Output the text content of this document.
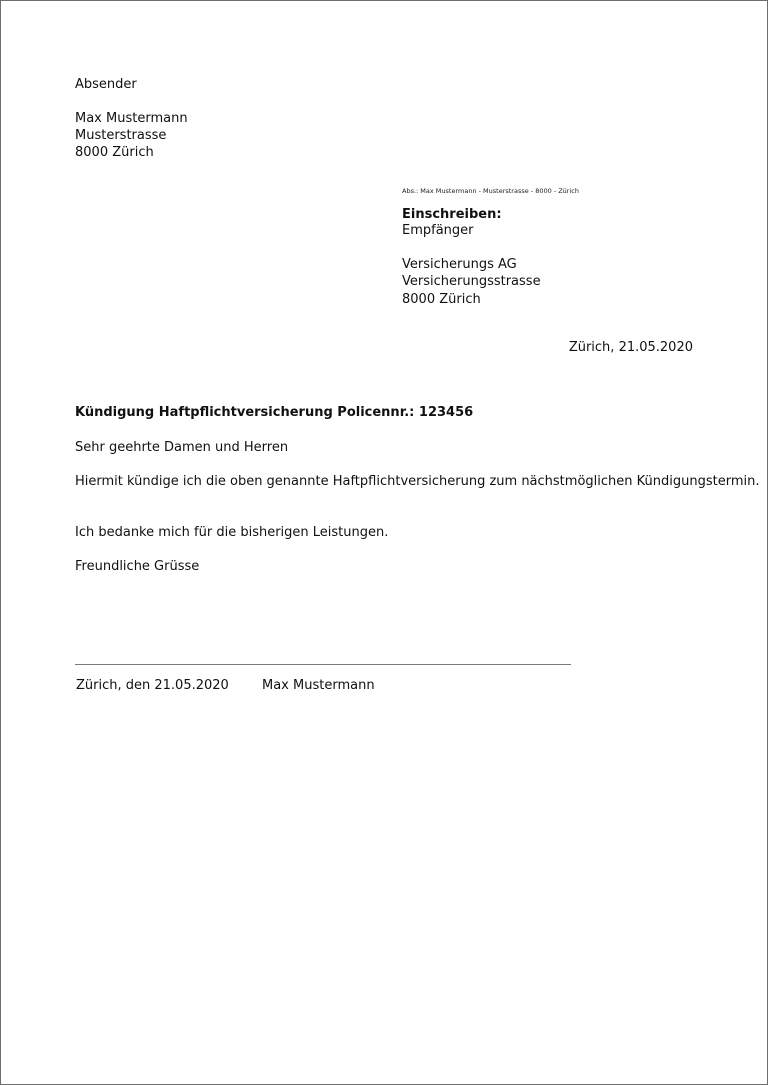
Absender
Max Mustermann
Musterstrasse
8000 Zürich
Abs.: Max Mustermann - Musterstrasse - 8000 - Zürich
Einschreiben:
Empfänger
Versicherungs AG
Versicherungsstrasse
8000 Zürich
Zürich, 21.05.2020
Kündigung Haftpflichtversicherung Policennr.: 123456
Sehr geehrte Damen und Herren
Hiermit kündige ich die oben genannte Haftpflichtversicherung zum nächstmöglichen Kündigungstermin.
Ich bedanke mich für die bisherigen Leistungen.
Freundliche Grüsse
Zürich, den 21.05.2020	Max Mustermann
